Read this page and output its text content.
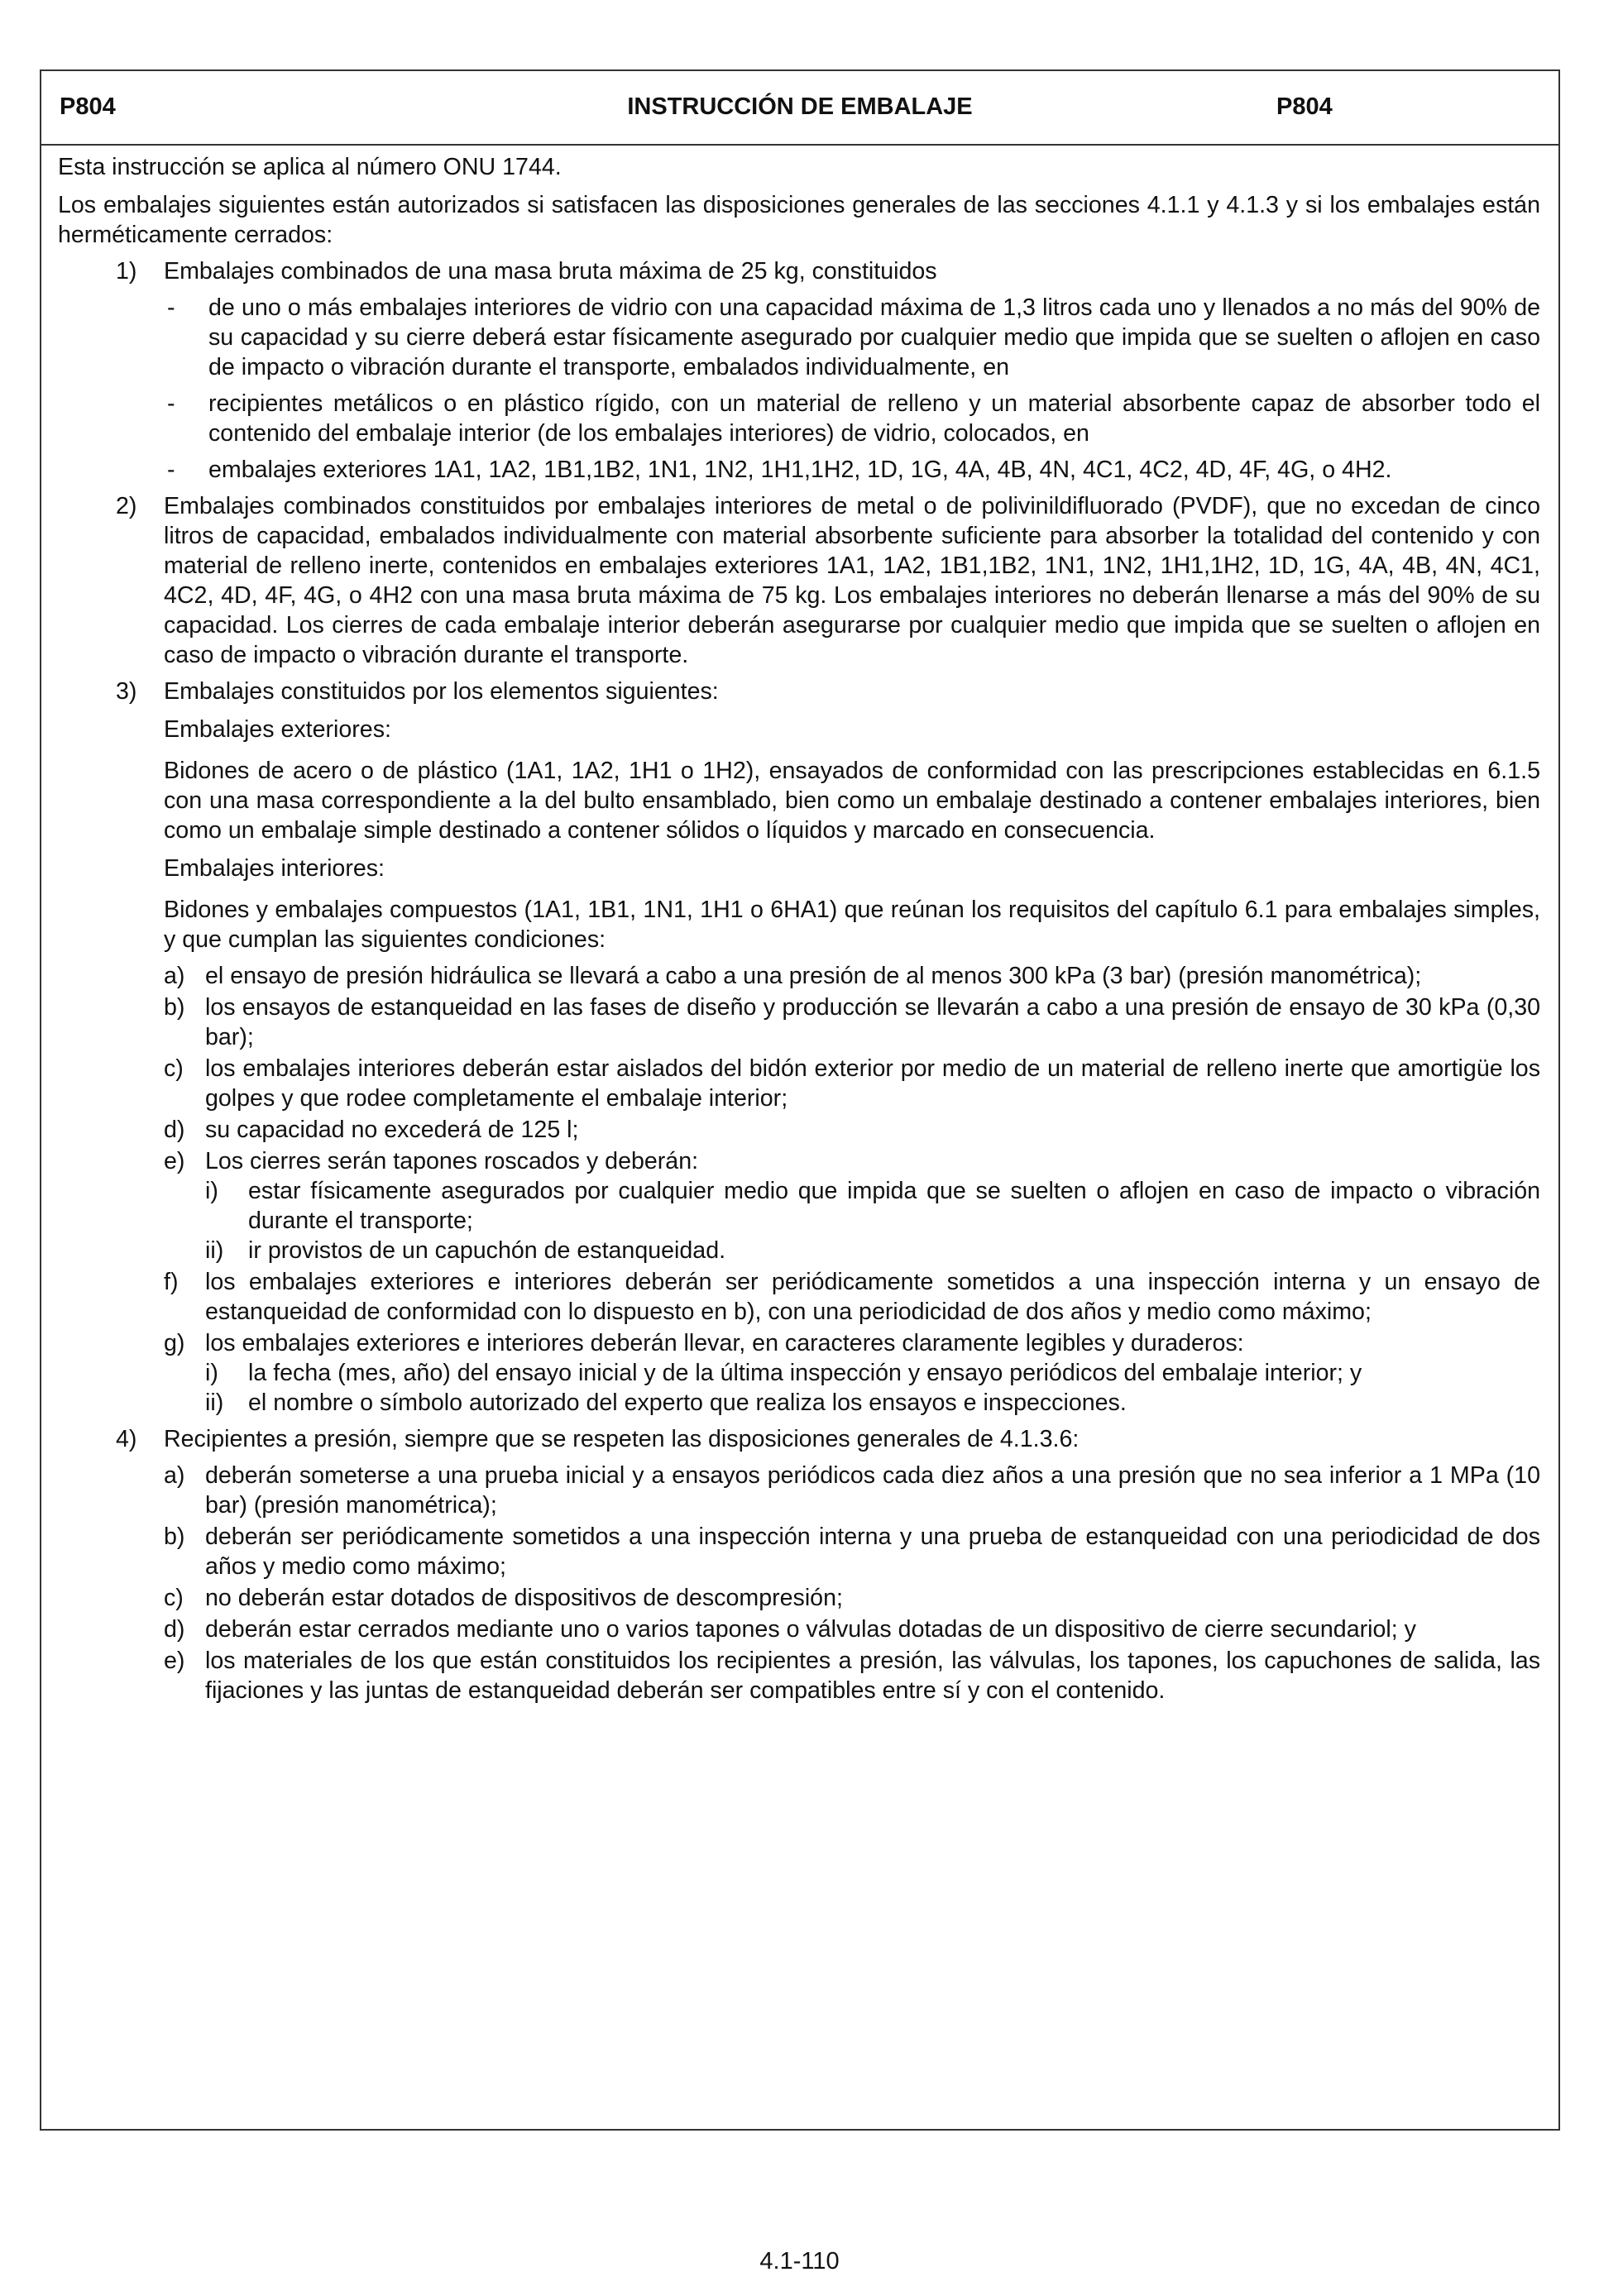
P804	INSTRUCCIÓN DE EMBALAJE	P804

Esta instrucción se aplica al número ONU 1744.

Los embalajes siguientes están autorizados si satisfacen las disposiciones generales de las secciones 4.1.1 y 4.1.3 y si los embalajes están herméticamente cerrados:

1)	Embalajes combinados de una masa bruta máxima de 25 kg, constituidos

-	de uno o más embalajes interiores de vidrio con una capacidad máxima de 1,3 litros cada uno y llenados a no más del 90% de su capacidad y su cierre deberá estar físicamente asegurado por cualquier medio que impida que se suelten o aflojen en caso de impacto o vibración durante el transporte, embalados individualmente, en

-	recipientes metálicos o en plástico rígido, con un material de relleno y un material absorbente capaz de absorber todo el contenido del embalaje interior (de los embalajes interiores) de vidrio, colocados, en

-	embalajes exteriores 1A1, 1A2, 1B1,1B2, 1N1, 1N2, 1H1,1H2, 1D, 1G, 4A, 4B, 4N, 4C1, 4C2, 4D, 4F, 4G, o 4H2.

2)	Embalajes combinados constituidos por embalajes interiores de metal o de polivinildifluorado (PVDF), que no excedan de cinco litros de capacidad, embalados individualmente con material absorbente suficiente para absorber la totalidad del contenido y con material de relleno inerte, contenidos en embalajes exteriores 1A1, 1A2, 1B1,1B2, 1N1, 1N2, 1H1,1H2, 1D, 1G, 4A, 4B, 4N, 4C1, 4C2, 4D, 4F, 4G, o 4H2 con una masa bruta máxima de 75 kg. Los embalajes interiores no deberán llenarse a más del 90% de su capacidad. Los cierres de cada embalaje interior deberán asegurarse por cualquier medio que impida que se suelten o aflojen en caso de impacto o vibración durante el transporte.

3)	Embalajes constituidos por los elementos siguientes:

Embalajes exteriores:

Bidones de acero o de plástico (1A1, 1A2, 1H1 o 1H2), ensayados de conformidad con las prescripciones establecidas en 6.1.5 con una masa correspondiente a la del bulto ensamblado, bien como un embalaje destinado a contener embalajes interiores, bien como un embalaje simple destinado a contener sólidos o líquidos y marcado en consecuencia.

Embalajes interiores:

Bidones y embalajes compuestos (1A1, 1B1, 1N1, 1H1 o 6HA1) que reúnan los requisitos del capítulo 6.1 para embalajes simples, y que cumplan las siguientes condiciones:

a) el ensayo de presión hidráulica se llevará a cabo a una presión de al menos 300 kPa (3 bar) (presión manométrica);

b) los ensayos de estanqueidad en las fases de diseño y producción se llevarán a cabo a una presión de ensayo de 30 kPa (0,30 bar);

c) los embalajes interiores deberán estar aislados del bidón exterior por medio de un material de relleno inerte que amortigüe los golpes y que rodee completamente el embalaje interior;

d) su capacidad no excederá de 125 l;

e) Los cierres serán tapones roscados y deberán:

i)	estar físicamente asegurados por cualquier medio que impida que se suelten o aflojen en caso de impacto o vibración durante el transporte;

ii)	ir provistos de un capuchón de estanqueidad.

f)	los embalajes exteriores e interiores deberán ser periódicamente sometidos a una inspección interna y un ensayo de estanqueidad de conformidad con lo dispuesto en b), con una periodicidad de dos años y medio como máximo;

g) los embalajes exteriores e interiores deberán llevar, en caracteres claramente legibles y duraderos:

i)	la fecha (mes, año) del ensayo inicial y de la última inspección y ensayo periódicos del embalaje interior; y

ii)	el nombre o símbolo autorizado del experto que realiza los ensayos e inspecciones.

4)	Recipientes a presión, siempre que se respeten las disposiciones generales de 4.1.3.6:

a) deberán someterse a una prueba inicial y a ensayos periódicos cada diez años a una presión que no sea inferior a 1 MPa (10 bar) (presión manométrica);

b) deberán ser periódicamente sometidos a una inspección interna y una prueba de estanqueidad con una periodicidad de dos años y medio como máximo;

c) no deberán estar dotados de dispositivos de descompresión;

d) deberán estar cerrados mediante uno o varios tapones o válvulas dotadas de un dispositivo de cierre secundariol; y

e) los materiales de los que están constituidos los recipientes a presión, las válvulas, los tapones, los capuchones de salida, las fijaciones y las juntas de estanqueidad deberán ser compatibles entre sí y con el contenido.

4.1-110
